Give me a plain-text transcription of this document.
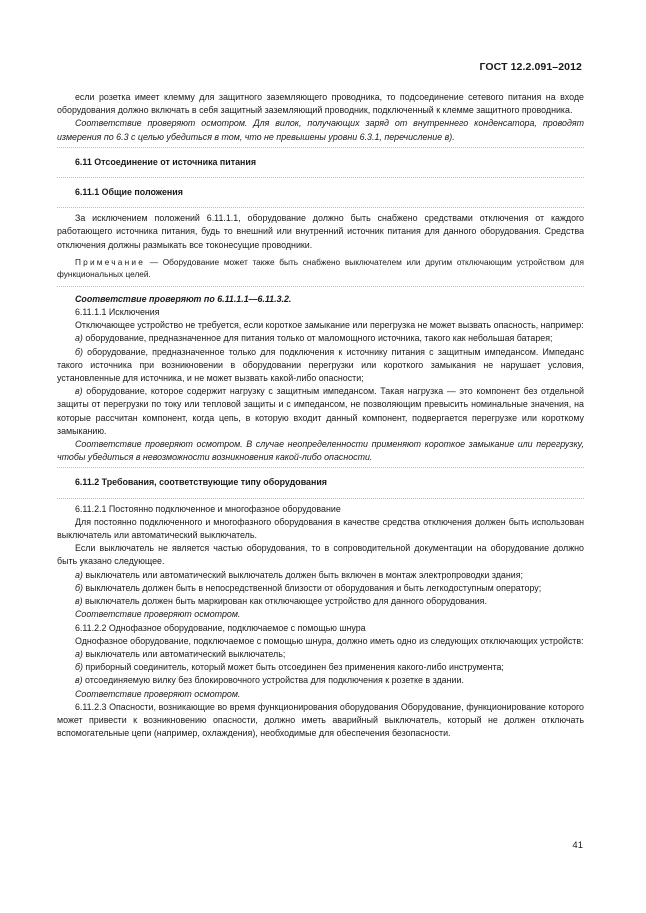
ГОСТ 12.2.091–2012

если розетка имеет клемму для защитного заземляющего проводника, то подсоединение сетевого питания на входе оборудования должно включать в себя защитный заземляющий проводник, подключенный к клемме защитного проводника.

Соответствие проверяют осмотром. Для вилок, получающих заряд от внутреннего конденсатора, проводят измерения по 6.3 с целью убедиться в том, что не превышены уровни 6.3.1, перечисление в).

6.11 Отсоединение от источника питания

6.11.1 Общие положения

За исключением положений 6.11.1.1, оборудование должно быть снабжено средствами отключения от каждого работающего источника питания, будь то внешний или внутренний источник питания для данного оборудования. Средства отключения должны размыкать все токонесущие проводники.

Примечание — Оборудование может также быть снабжено выключателем или другим отключающим устройством для функциональных целей.

Соответствие проверяют по 6.11.1.1—6.11.3.2.

6.11.1.1 Исключения

Отключающее устройство не требуется, если короткое замыкание или перегрузка не может вызвать опасность, например:

а) оборудование, предназначенное для питания только от маломощного источника, такого как небольшая батарея;

б) оборудование, предназначенное только для подключения к источнику питания с защитным импедансом. Импеданс такого источника при возникновении в оборудовании перегрузки или короткого замыкания не нарушает условия, установленные для источника, и не может вызвать какой-либо опасности;

в) оборудование, которое содержит нагрузку с защитным импедансом. Такая нагрузка — это компонент без отдельной защиты от перегрузки по току или тепловой защиты и с импедансом, не позволяющим превысить номинальные значения, на которые рассчитан компонент, когда цепь, в которую входит данный компонент, подвергается перегрузке или короткому замыканию.

Соответствие проверяют осмотром. В случае неопределенности применяют короткое замыкание или перегрузку, чтобы убедиться в невозможности возникновения какой-либо опасности.

6.11.2 Требования, соответствующие типу оборудования

6.11.2.1 Постоянно подключенное и многофазное оборудование

Для постоянно подключенного и многофазного оборудования в качестве средства отключения должен быть использован выключатель или автоматический выключатель.

Если выключатель не является частью оборудования, то в сопроводительной документации на оборудование должно быть указано следующее.

а) выключатель или автоматический выключатель должен быть включен в монтаж электропроводки здания;

б) выключатель должен быть в непосредственной близости от оборудования и быть легкодоступным оператору;

в) выключатель должен быть маркирован как отключающее устройство для данного оборудования.

Соответствие проверяют осмотром.

6.11.2.2 Однофазное оборудование, подключаемое с помощью шнура

Однофазное оборудование, подключаемое с помощью шнура, должно иметь одно из следующих отключающих устройств:

а) выключатель или автоматический выключатель;

б) приборный соединитель, который может быть отсоединен без применения какого-либо инструмента;

в) отсоединяемую вилку без блокировочного устройства для подключения к розетке в здании.

Соответствие проверяют осмотром.

6.11.2.3 Опасности, возникающие во время функционирования оборудования Оборудование, функционирование которого может привести к возникновению опасности, должно иметь аварийный выключатель, который не должен отключать вспомогательные цепи (например, охлаждения), необходимые для обеспечения безопасности.

41
